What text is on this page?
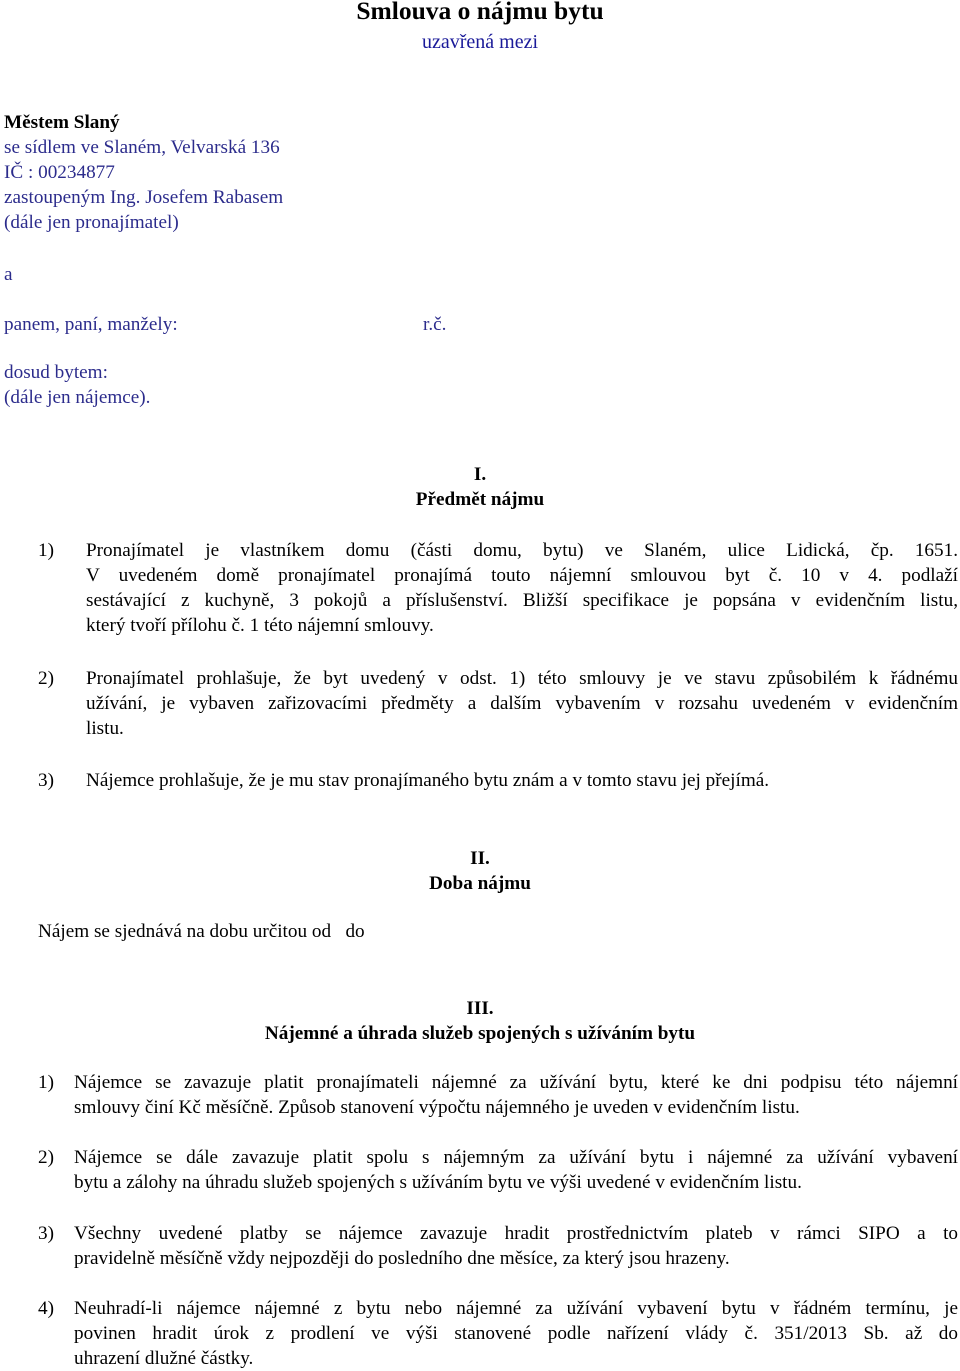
Smlouva o nájmu bytu
uzavřená mezi
Městem Slaný
se sídlem ve Slaném, Velvarská 136
IČ : 00234877
zastoupeným Ing. Josefem Rabasem
(dále jen pronajímatel)
a
panem, paní, manžely:	r.č.
dosud bytem:
(dále jen nájemce).
I.
Předmět nájmu
1) Pronajímatel je vlastníkem domu (části domu, bytu) ve Slaném, ulice Lidická, čp. 1651.
V uvedeném domě pronajímatel pronajímá touto nájemní smlouvou byt č. 10 v 4. podlaží
sestávající z kuchyně, 3 pokojů a příslušenství. Bližší specifikace je popsána v evidenčním listu,
který tvoří přílohu č. 1 této nájemní smlouvy.
2) Pronajímatel prohlašuje, že byt uvedený v odst. 1) této smlouvy je ve stavu způsobilém k řádnému
užívání, je vybaven zařizovacími předměty a dalším vybavením v rozsahu uvedeném v evidenčním
listu.
3) Nájemce prohlašuje, že je mu stav pronajímaného bytu znám a v tomto stavu jej přejímá.
II.
Doba nájmu
Nájem se sjednává na dobu určitou od do
III.
Nájemné a úhrada služeb spojených s užíváním bytu
1) Nájemce se zavazuje platit pronajímateli nájemné za užívání bytu, které ke dni podpisu této nájemní
smlouvy činí Kč měsíčně. Způsob stanovení výpočtu nájemného je uveden v evidenčním listu.
2) Nájemce se dále zavazuje platit spolu s nájemným za užívání bytu i nájemné za užívání vybavení
bytu a zálohy na úhradu služeb spojených s užíváním bytu ve výši uvedené v evidenčním listu.
3) Všechny uvedené platby se nájemce zavazuje hradit prostřednictvím plateb v rámci SIPO a to
pravidelně měsíčně vždy nejpozději do posledního dne měsíce, za který jsou hrazeny.
4) Neuhradí-li nájemce nájemné z bytu nebo nájemné za užívání vybavení bytu v řádném termínu, je
povinen hradit úrok z prodlení ve výši stanovené podle nařízení vlády č. 351/2013 Sb. až do
uhrazení dlužné částky.
